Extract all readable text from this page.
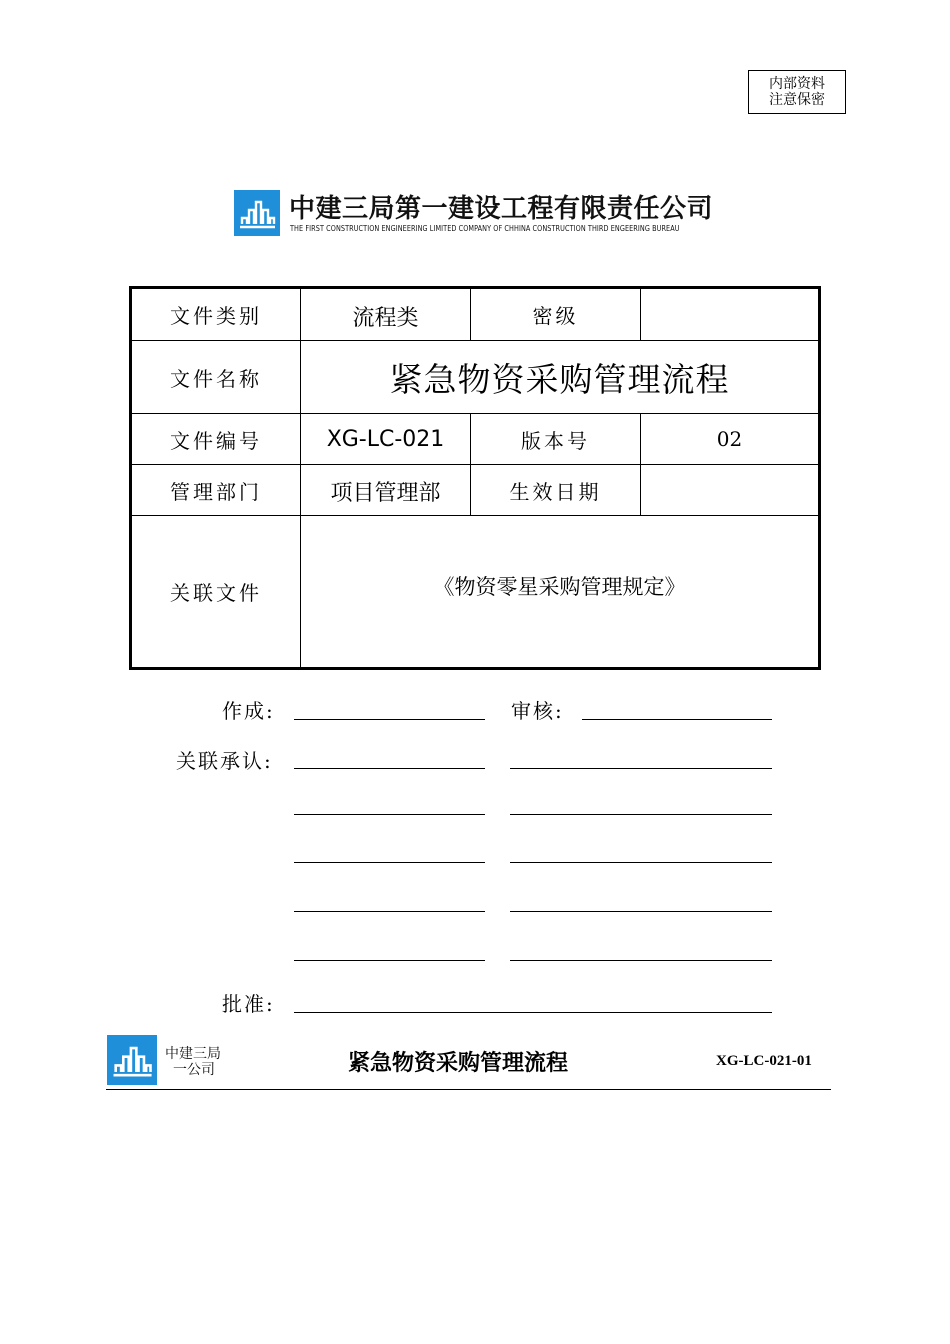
内部资料
注意保密
中建三局第一建设工程有限责任公司
THE FIRST CONSTRUCTION ENGINEERING LIMITED COMPANY OF CHHINA CONSTRUCTION THIRD ENGEERING BUREAU
文件类别	流程类	密级
文件名称	紧急物资采购管理流程
文件编号	XG-LC-021	版本号	02
管理部门	项目管理部	生效日期
关联文件	《物资零星采购管理规定》
作成:	审核:
关联承认:
批准:
中建三局
一公司	紧急物资采购管理流程	XG-LC-021-01
